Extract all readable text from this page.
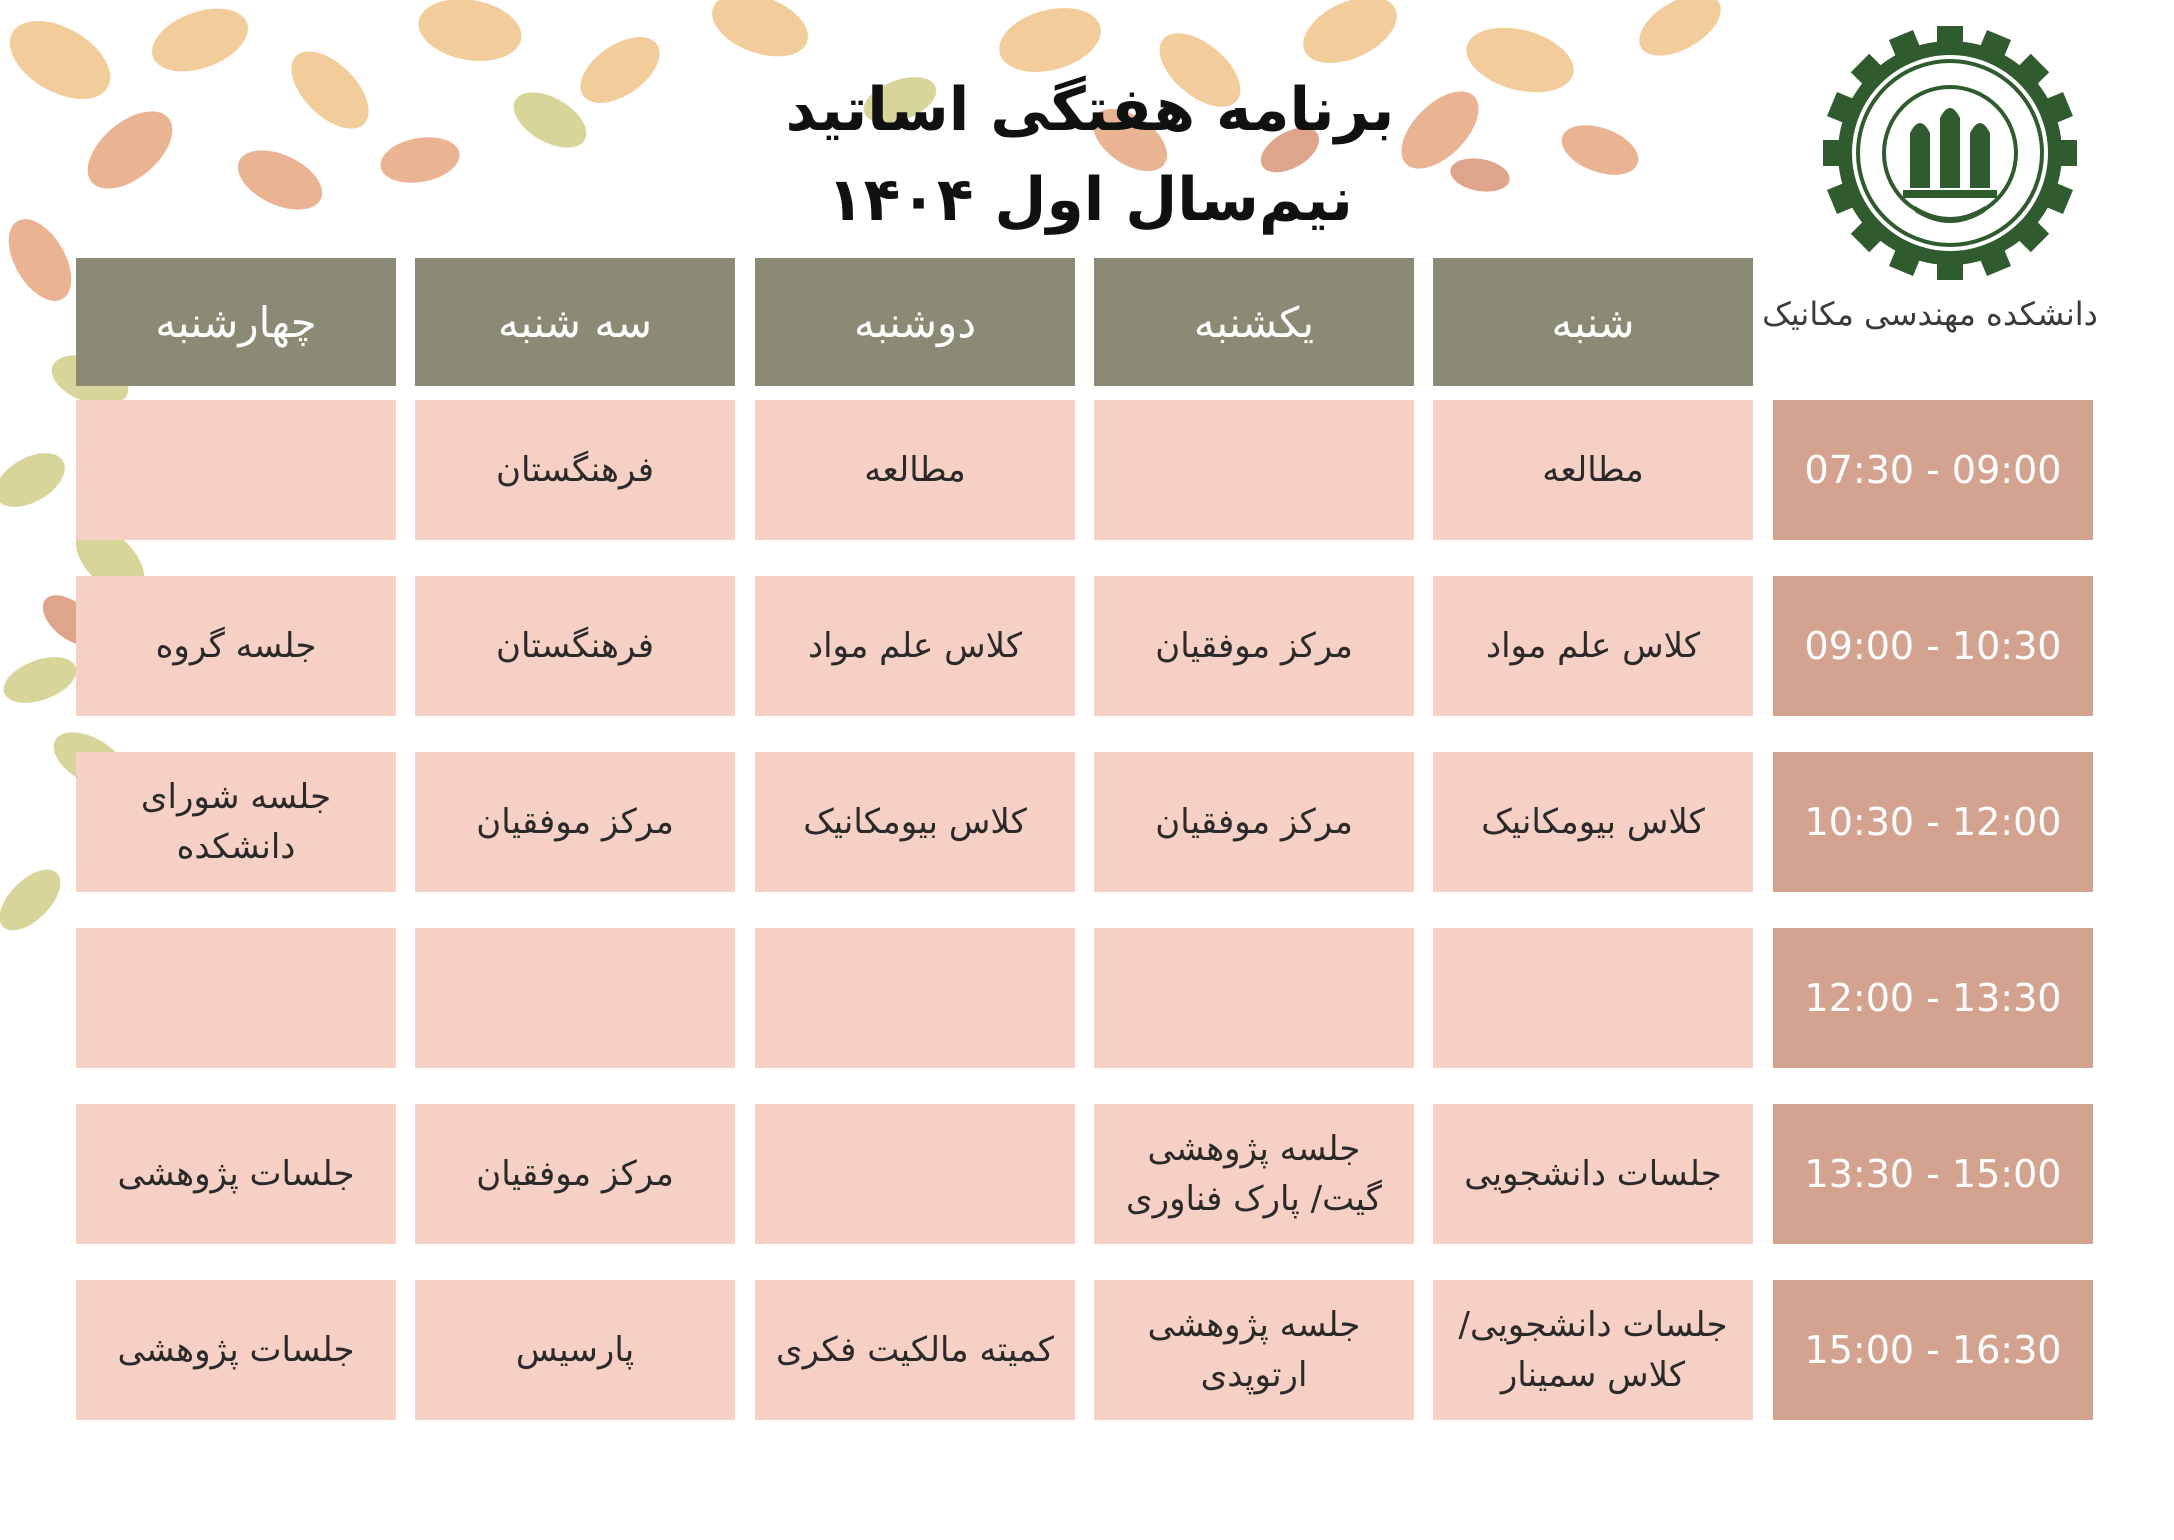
برنامه هفتگی اساتید
نیم‌سال اول ۱۴۰۴
دانشکده مهندسی مکانیک
شنبه
یکشنبه
دوشنبه
سه شنبه
چهارشنبه
07:30 - 09:00
مطالعه
مطالعه
فرهنگستان
09:00 - 10:30
کلاس علم مواد
مرکز موفقیان
کلاس علم مواد
فرهنگستان
جلسه گروه
10:30 - 12:00
کلاس بیومکانیک
مرکز موفقیان
کلاس بیومکانیک
مرکز موفقیان
جلسه شورای
دانشکده
12:00 - 13:30
13:30 - 15:00
جلسات دانشجویی
جلسه پژوهشی
گیت/ پارک فناوری
مرکز موفقیان
جلسات پژوهشی
15:00 - 16:30
جلسات دانشجویی/
کلاس سمینار
جلسه پژوهشی
ارتوپدی
کمیته مالکیت فکری
پارسیس
جلسات پژوهشی
